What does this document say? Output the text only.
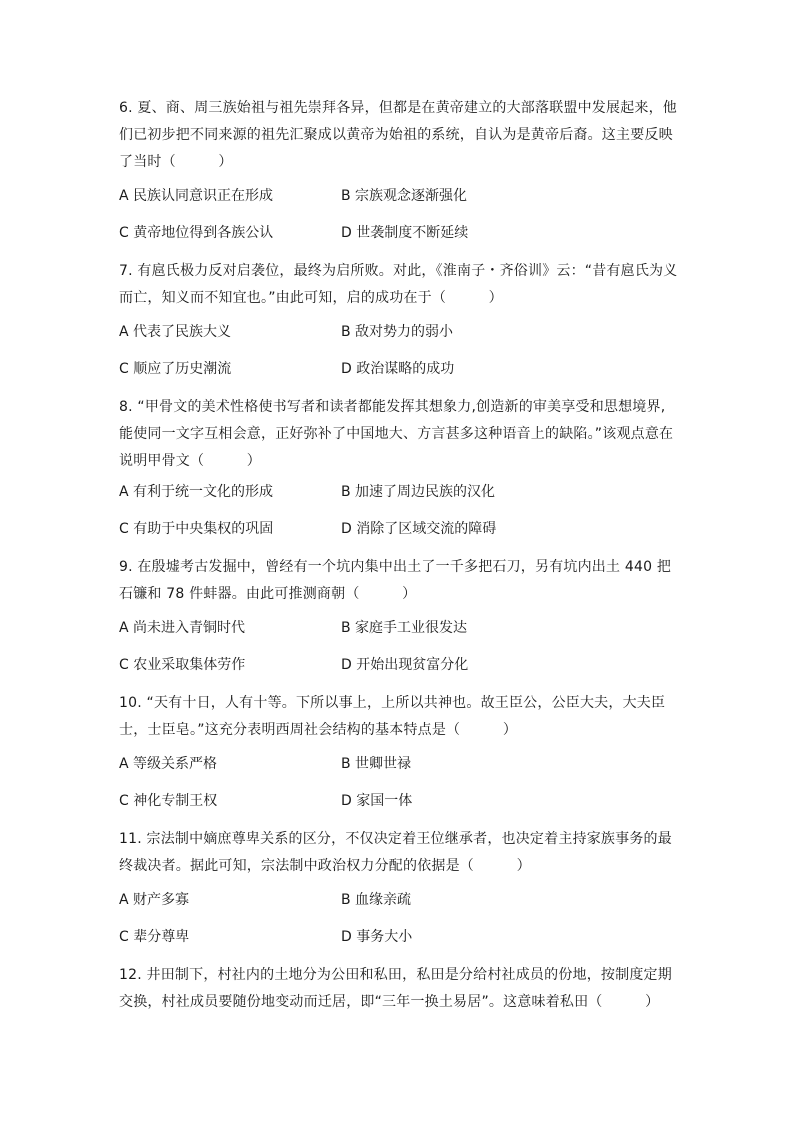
6. 夏、商、周三族始祖与祖先崇拜各异，但都是在黄帝建立的大部落联盟中发展起来，他们已初步把不同来源的祖先汇聚成以黄帝为始祖的系统，自认为是黄帝后裔。这主要反映了当时（　　　）
A 民族认同意识正在形成	B 宗族观念逐渐强化
C 黄帝地位得到各族公认	D 世袭制度不断延续
7. 有扈氏极力反对启袭位，最终为启所败。对此，《淮南子・齐俗训》云：“昔有扈氏为义而亡，知义而不知宜也。”由此可知，启的成功在于（　　　）
A 代表了民族大义	B 敌对势力的弱小
C 顺应了历史潮流	D 政治谋略的成功
8. “甲骨文的美术性格使书写者和读者都能发挥其想象力,创造新的审美享受和思想境界,能使同一文字互相会意，正好弥补了中国地大、方言甚多这种语音上的缺陷。”该观点意在说明甲骨文（　　　）
A 有利于统一文化的形成	B 加速了周边民族的汉化
C 有助于中央集权的巩固	D 消除了区域交流的障碍
9. 在殷墟考古发掘中，曾经有一个坑内集中出土了一千多把石刀，另有坑内出土 440 把石镰和 78 件蚌器。由此可推测商朝（　　　）
A 尚未进入青铜时代	B 家庭手工业很发达
C 农业采取集体劳作	D 开始出现贫富分化
10. “天有十日，人有十等。下所以事上，上所以共神也。故王臣公，公臣大夫，大夫臣士，士臣皂。”这充分表明西周社会结构的基本特点是（　　　）
A 等级关系严格	B 世卿世禄
C 神化专制王权	D 家国一体
11. 宗法制中嫡庶尊卑关系的区分，不仅决定着王位继承者，也决定着主持家族事务的最终裁决者。据此可知，宗法制中政治权力分配的依据是（　　　）
A 财产多寡	B 血缘亲疏
C 辈分尊卑	D 事务大小
12. 井田制下，村社内的土地分为公田和私田，私田是分给村社成员的份地，按制度定期交换，村社成员要随份地变动而迁居，即“三年一换土易居”。这意味着私田（　　　）
